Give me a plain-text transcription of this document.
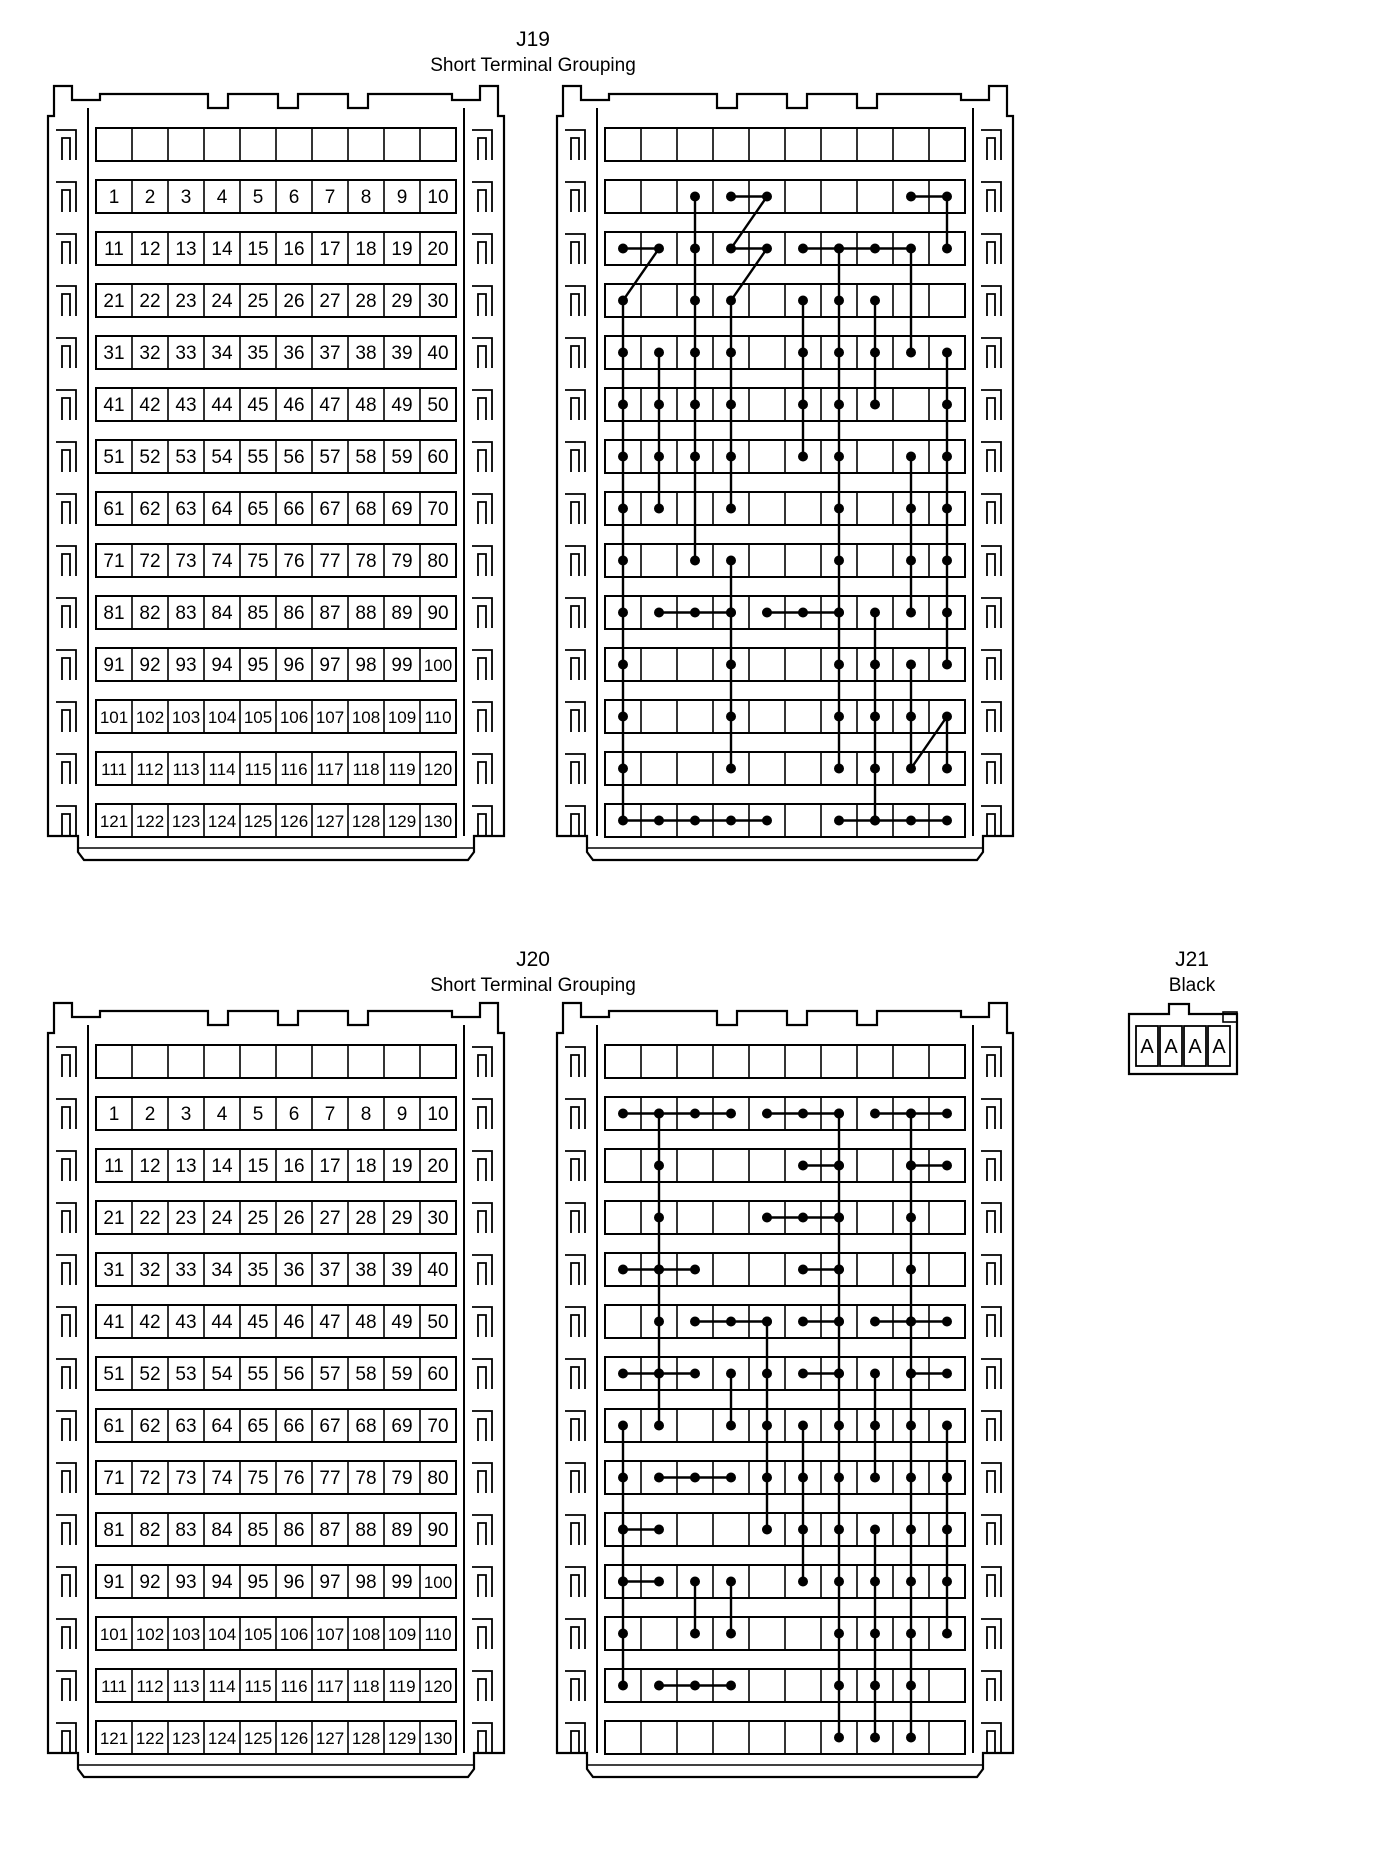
J19
Short Terminal Grouping
1 2 3 4 5 6 7 8 9 10
11 12 13 14 15 16 17 18 19 20
21 22 23 24 25 26 27 28 29 30
31 32 33 34 35 36 37 38 39 40
41 42 43 44 45 46 47 48 49 50
51 52 53 54 55 56 57 58 59 60
61 62 63 64 65 66 67 68 69 70
71 72 73 74 75 76 77 78 79 80
81 82 83 84 85 86 87 88 89 90
91 92 93 94 95 96 97 98 99 100
101 102 103 104 105 106 107 108 109 110
111 112 113 114 115 116 117 118 119 120
121 122 123 124 125 126 127 128 129 130
J20
Short Terminal Grouping
1 2 3 4 5 6 7 8 9 10
11 12 13 14 15 16 17 18 19 20
21 22 23 24 25 26 27 28 29 30
31 32 33 34 35 36 37 38 39 40
41 42 43 44 45 46 47 48 49 50
51 52 53 54 55 56 57 58 59 60
61 62 63 64 65 66 67 68 69 70
71 72 73 74 75 76 77 78 79 80
81 82 83 84 85 86 87 88 89 90
91 92 93 94 95 96 97 98 99 100
101 102 103 104 105 106 107 108 109 110
111 112 113 114 115 116 117 118 119 120
121 122 123 124 125 126 127 128 129 130
J21
Black
A A A A
